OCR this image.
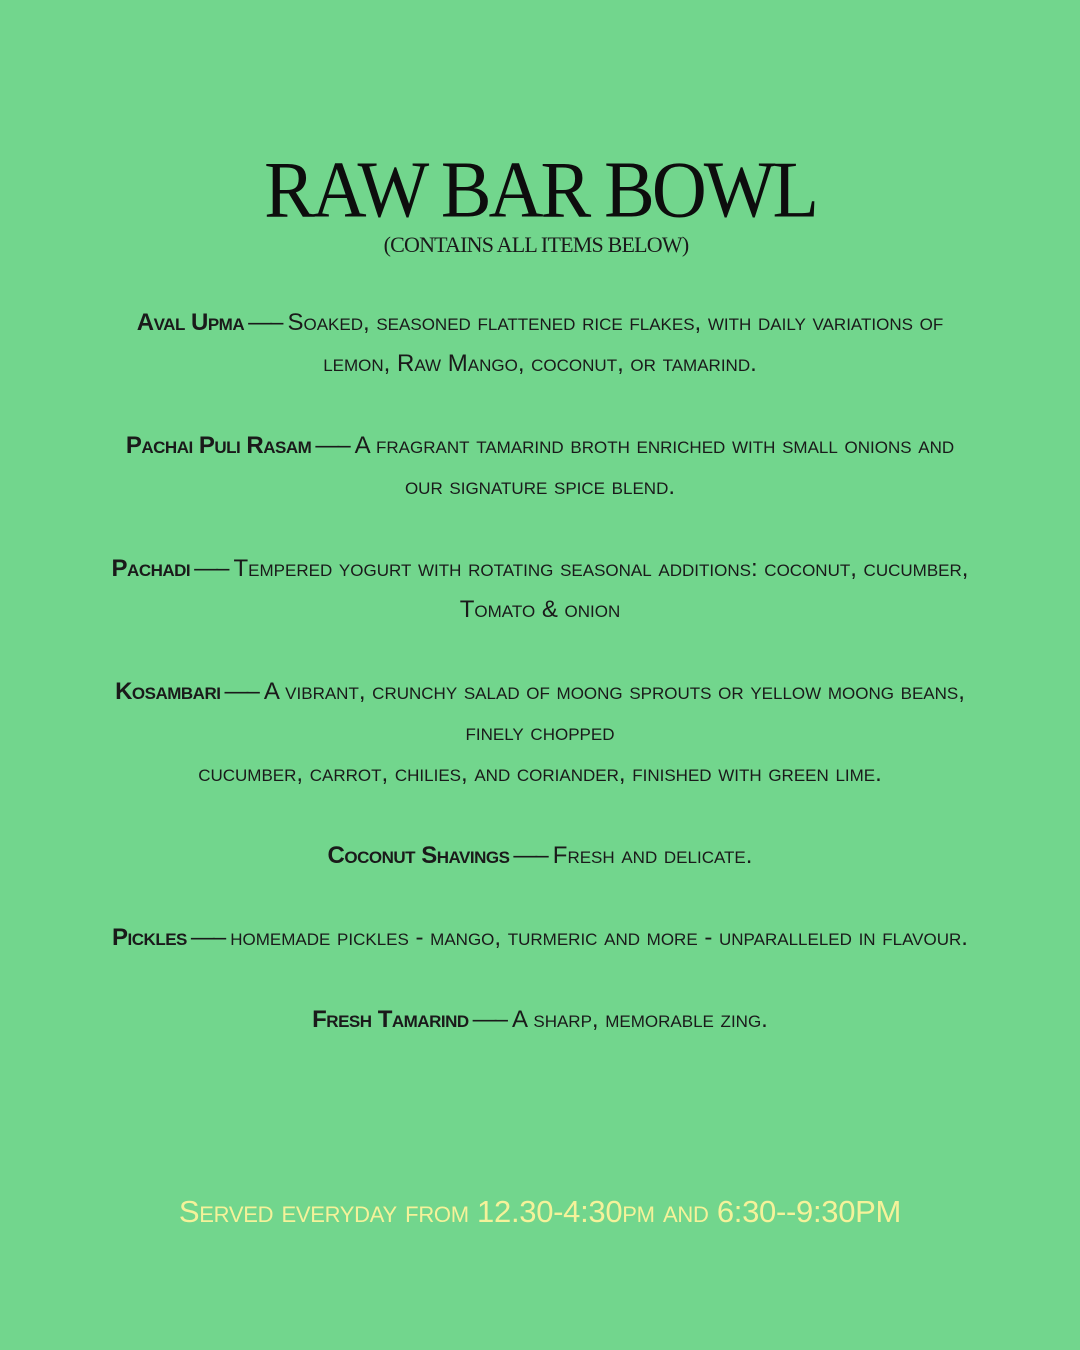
RAW BAR BOWL

(CONTAINS ALL ITEMS BELOW)

Aval Upma —– Soaked, seasoned flattened rice flakes, with daily variations of lemon, Raw Mango, coconut, or tamarind.

Pachai Puli Rasam —– A fragrant tamarind broth enriched with small onions and our signature spice blend.

Pachadi —– Tempered yogurt with rotating seasonal additions: coconut, cucumber, Tomato & onion

Kosambari —– A vibrant, crunchy salad of moong sprouts or yellow moong beans, finely chopped
cucumber, carrot, chilies, and coriander, finished with green lime.

Coconut Shavings —– Fresh and delicate.

Pickles —– homemade pickles - mango, turmeric and more - unparalleled in flavour.

Fresh Tamarind —– A sharp, memorable zing.

Served everyday from 12.30-4:30pm and 6:30--9:30PM
